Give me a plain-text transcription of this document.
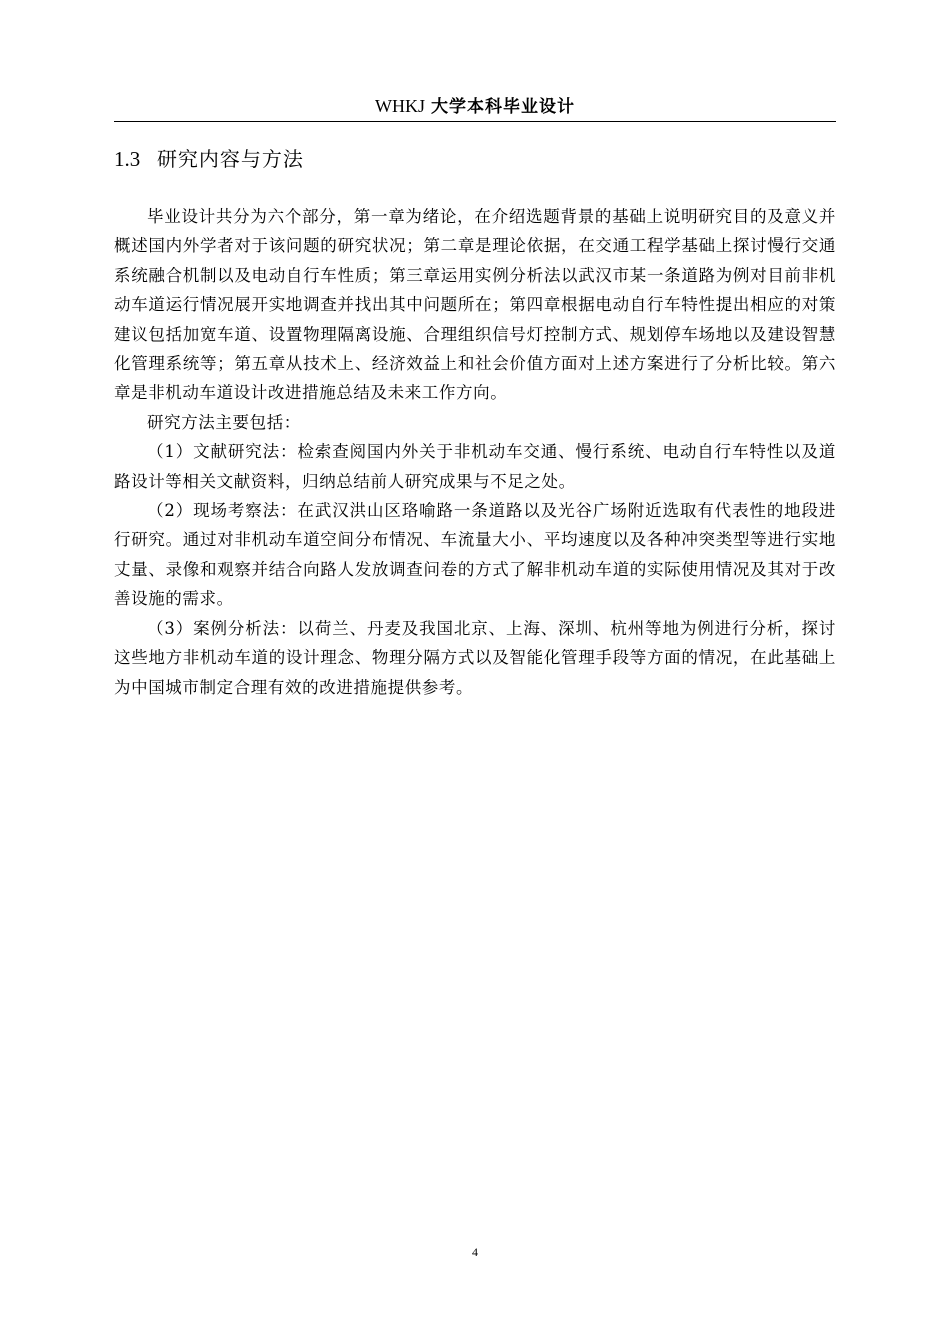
WHKJ 大学本科毕业设计
1.3 研究内容与方法

毕业设计共分为六个部分，第一章为绪论，在介绍选题背景的基础上说明研究目的及意义并概述国内外学者对于该问题的研究状况；第二章是理论依据，在交通工程学基础上探讨慢行交通系统融合机制以及电动自行车性质；第三章运用实例分析法以武汉市某一条道路为例对目前非机动车道运行情况展开实地调查并找出其中问题所在；第四章根据电动自行车特性提出相应的对策建议包括加宽车道、设置物理隔离设施、合理组织信号灯控制方式、规划停车场地以及建设智慧化管理系统等；第五章从技术上、经济效益上和社会价值方面对上述方案进行了分析比较。第六章是非机动车道设计改进措施总结及未来工作方向。

研究方法主要包括：

（1）文献研究法：检索查阅国内外关于非机动车交通、慢行系统、电动自行车特性以及道路设计等相关文献资料，归纳总结前人研究成果与不足之处。

（2）现场考察法：在武汉洪山区珞喻路一条道路以及光谷广场附近选取有代表性的地段进行研究。通过对非机动车道空间分布情况、车流量大小、平均速度以及各种冲突类型等进行实地丈量、录像和观察并结合向路人发放调查问卷的方式了解非机动车道的实际使用情况及其对于改善设施的需求。

（3）案例分析法：以荷兰、丹麦及我国北京、上海、深圳、杭州等地为例进行分析，探讨这些地方非机动车道的设计理念、物理分隔方式以及智能化管理手段等方面的情况，在此基础上为中国城市制定合理有效的改进措施提供参考。

4
